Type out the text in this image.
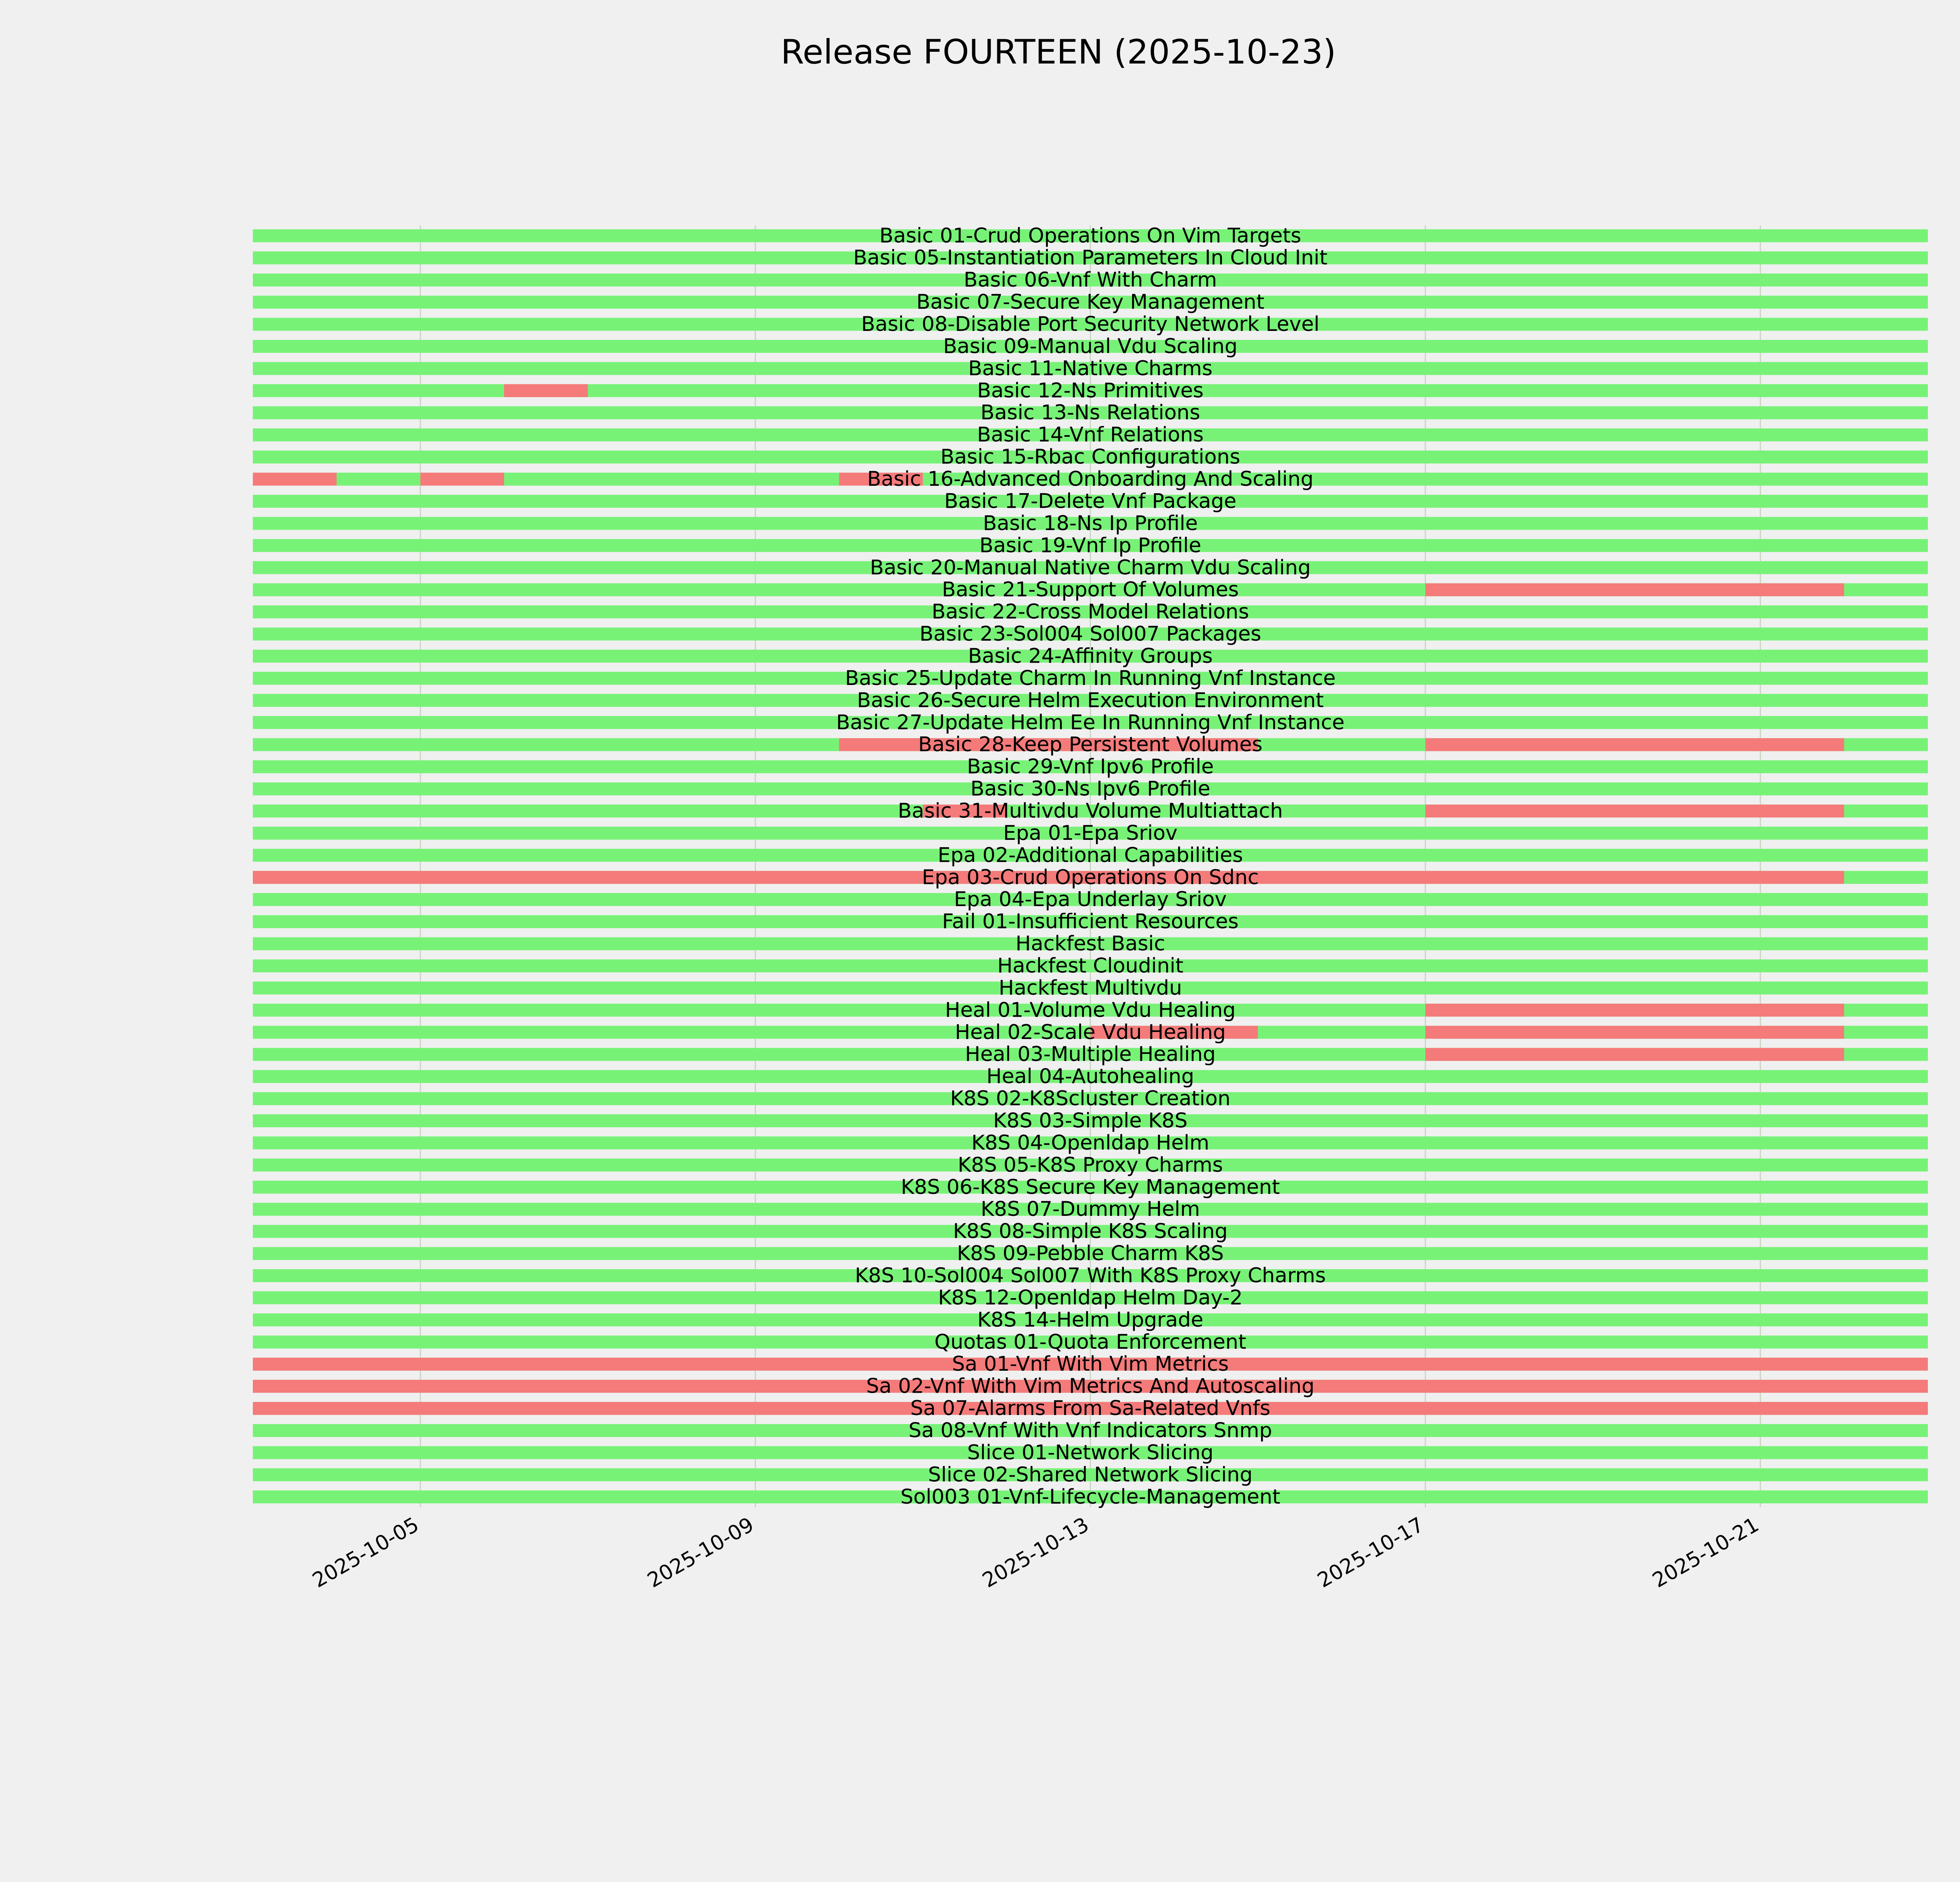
Release FOURTEEN (2025-10-23)
Basic 01-Crud Operations On Vim Targets
Basic 05-Instantiation Parameters In Cloud Init
Basic 06-Vnf With Charm
Basic 07-Secure Key Management
Basic 08-Disable Port Security Network Level
Basic 09-Manual Vdu Scaling
Basic 11-Native Charms
Basic 12-Ns Primitives
Basic 13-Ns Relations
Basic 14-Vnf Relations
Basic 15-Rbac Configurations
Basic 16-Advanced Onboarding And Scaling
Basic 17-Delete Vnf Package
Basic 18-Ns Ip Profile
Basic 19-Vnf Ip Profile
Basic 20-Manual Native Charm Vdu Scaling
Basic 21-Support Of Volumes
Basic 22-Cross Model Relations
Basic 23-Sol004 Sol007 Packages
Basic 24-Affinity Groups
Basic 25-Update Charm In Running Vnf Instance
Basic 26-Secure Helm Execution Environment
Basic 27-Update Helm Ee In Running Vnf Instance
Basic 28-Keep Persistent Volumes
Basic 29-Vnf Ipv6 Profile
Basic 30-Ns Ipv6 Profile
Basic 31-Multivdu Volume Multiattach
Epa 01-Epa Sriov
Epa 02-Additional Capabilities
Epa 03-Crud Operations On Sdnc
Epa 04-Epa Underlay Sriov
Fail 01-Insufficient Resources
Hackfest Basic
Hackfest Cloudinit
Hackfest Multivdu
Heal 01-Volume Vdu Healing
Heal 02-Scale Vdu Healing
Heal 03-Multiple Healing
Heal 04-Autohealing
K8S 02-K8Scluster Creation
K8S 03-Simple K8S
K8S 04-Openldap Helm
K8S 05-K8S Proxy Charms
K8S 06-K8S Secure Key Management
K8S 07-Dummy Helm
K8S 08-Simple K8S Scaling
K8S 09-Pebble Charm K8S
K8S 10-Sol004 Sol007 With K8S Proxy Charms
K8S 12-Openldap Helm Day-2
K8S 14-Helm Upgrade
Quotas 01-Quota Enforcement
Sa 01-Vnf With Vim Metrics
Sa 02-Vnf With Vim Metrics And Autoscaling
Sa 07-Alarms From Sa-Related Vnfs
Sa 08-Vnf With Vnf Indicators Snmp
Slice 01-Network Slicing
Slice 02-Shared Network Slicing
Sol003 01-Vnf-Lifecycle-Management
2025-10-05	2025-10-09	2025-10-13	2025-10-17	2025-10-21
